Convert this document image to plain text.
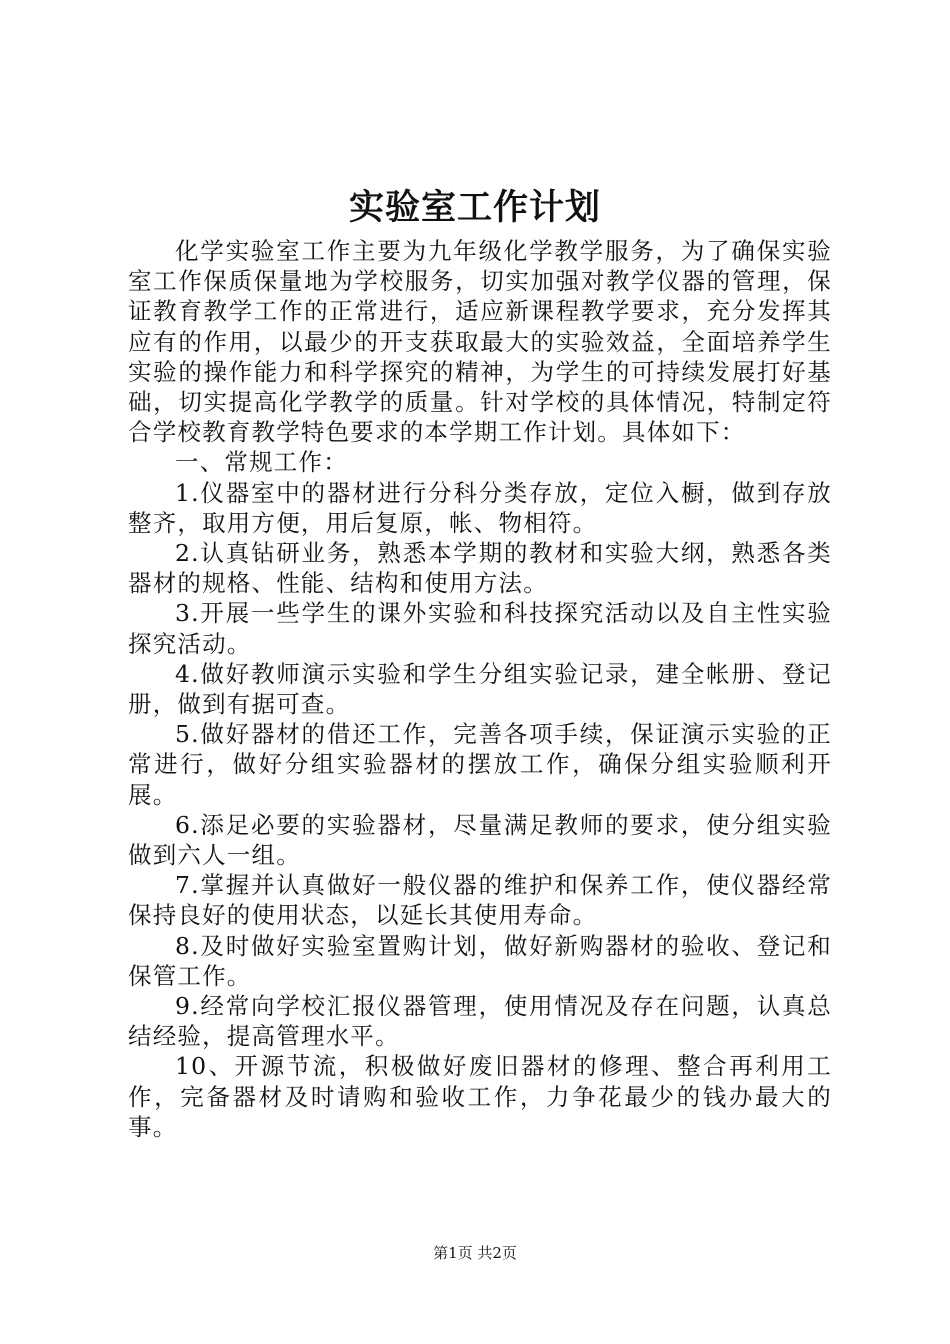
实验室工作计划

化学实验室工作主要为九年级化学教学服务，为了确保实验室工作保质保量地为学校服务，切实加强对教学仪器的管理，保证教育教学工作的正常进行，适应新课程教学要求，充分发挥其应有的作用，以最少的开支获取最大的实验效益，全面培养学生实验的操作能力和科学探究的精神，为学生的可持续发展打好基础，切实提高化学教学的质量。针对学校的具体情况，特制定符合学校教育教学特色要求的本学期工作计划。具体如下：

一、常规工作：

1.仪器室中的器材进行分科分类存放，定位入橱，做到存放整齐，取用方便，用后复原，帐、物相符。

2.认真钻研业务，熟悉本学期的教材和实验大纲，熟悉各类器材的规格、性能、结构和使用方法。

3.开展一些学生的课外实验和科技探究活动以及自主性实验探究活动。

4.做好教师演示实验和学生分组实验记录，建全帐册、登记册，做到有据可查。

5.做好器材的借还工作，完善各项手续，保证演示实验的正常进行，做好分组实验器材的摆放工作，确保分组实验顺利开展。

6.添足必要的实验器材，尽量满足教师的要求，使分组实验做到六人一组。

7.掌握并认真做好一般仪器的维护和保养工作，使仪器经常保持良好的使用状态，以延长其使用寿命。

8.及时做好实验室置购计划，做好新购器材的验收、登记和保管工作。

9.经常向学校汇报仪器管理，使用情况及存在问题，认真总结经验，提高管理水平。

10、开源节流，积极做好废旧器材的修理、整合再利用工作，完备器材及时请购和验收工作，力争花最少的钱办最大的事。

第1页 共2页
